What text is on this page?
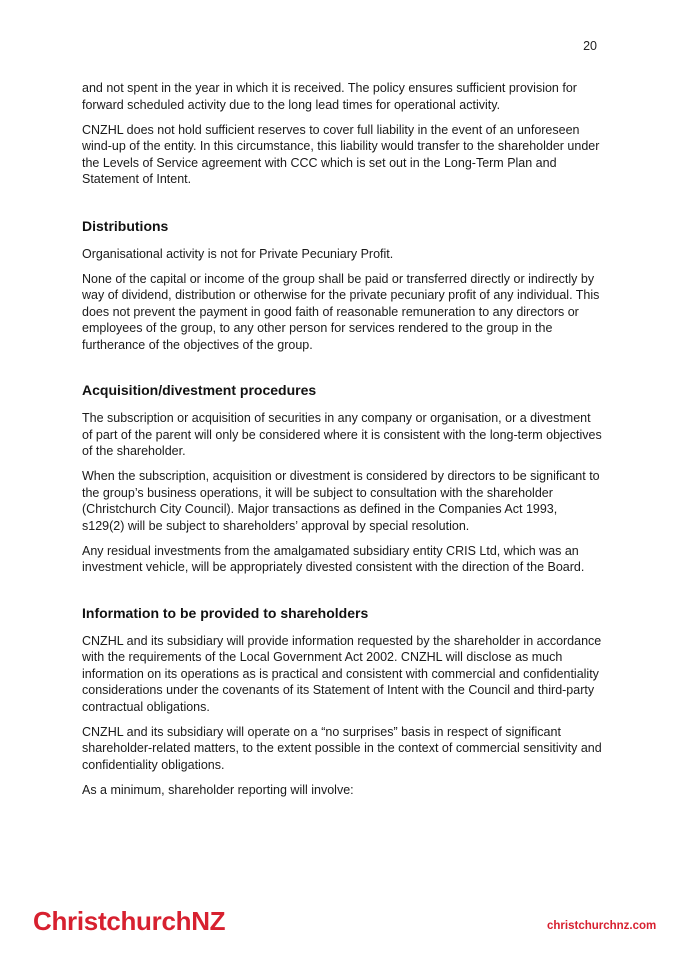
20

and not spent in the year in which it is received. The policy ensures sufficient provision for forward scheduled activity due to the long lead times for operational activity.

CNZHL does not hold sufficient reserves to cover full liability in the event of an unforeseen wind-up of the entity. In this circumstance, this liability would transfer to the shareholder under the Levels of Service agreement with CCC which is set out in the Long-Term Plan and Statement of Intent.

Distributions

Organisational activity is not for Private Pecuniary Profit.

None of the capital or income of the group shall be paid or transferred directly or indirectly by way of dividend, distribution or otherwise for the private pecuniary profit of any individual. This does not prevent the payment in good faith of reasonable remuneration to any directors or employees of the group, to any other person for services rendered to the group in the furtherance of the objectives of the group.

Acquisition/divestment procedures

The subscription or acquisition of securities in any company or organisation, or a divestment of part of the parent will only be considered where it is consistent with the long-term objectives of the shareholder.

When the subscription, acquisition or divestment is considered by directors to be significant to the group’s business operations, it will be subject to consultation with the shareholder (Christchurch City Council). Major transactions as defined in the Companies Act 1993, s129(2) will be subject to shareholders’ approval by special resolution.

Any residual investments from the amalgamated subsidiary entity CRIS Ltd, which was an investment vehicle, will be appropriately divested consistent with the direction of the Board.

Information to be provided to shareholders

CNZHL and its subsidiary will provide information requested by the shareholder in accordance with the requirements of the Local Government Act 2002. CNZHL will disclose as much information on its operations as is practical and consistent with commercial and confidentiality considerations under the covenants of its Statement of Intent with the Council and third-party contractual obligations.

CNZHL and its subsidiary will operate on a “no surprises” basis in respect of significant shareholder-related matters, to the extent possible in the context of commercial sensitivity and confidentiality obligations.

As a minimum, shareholder reporting will involve:

ChristchurchNZ	christchurchnz.com
